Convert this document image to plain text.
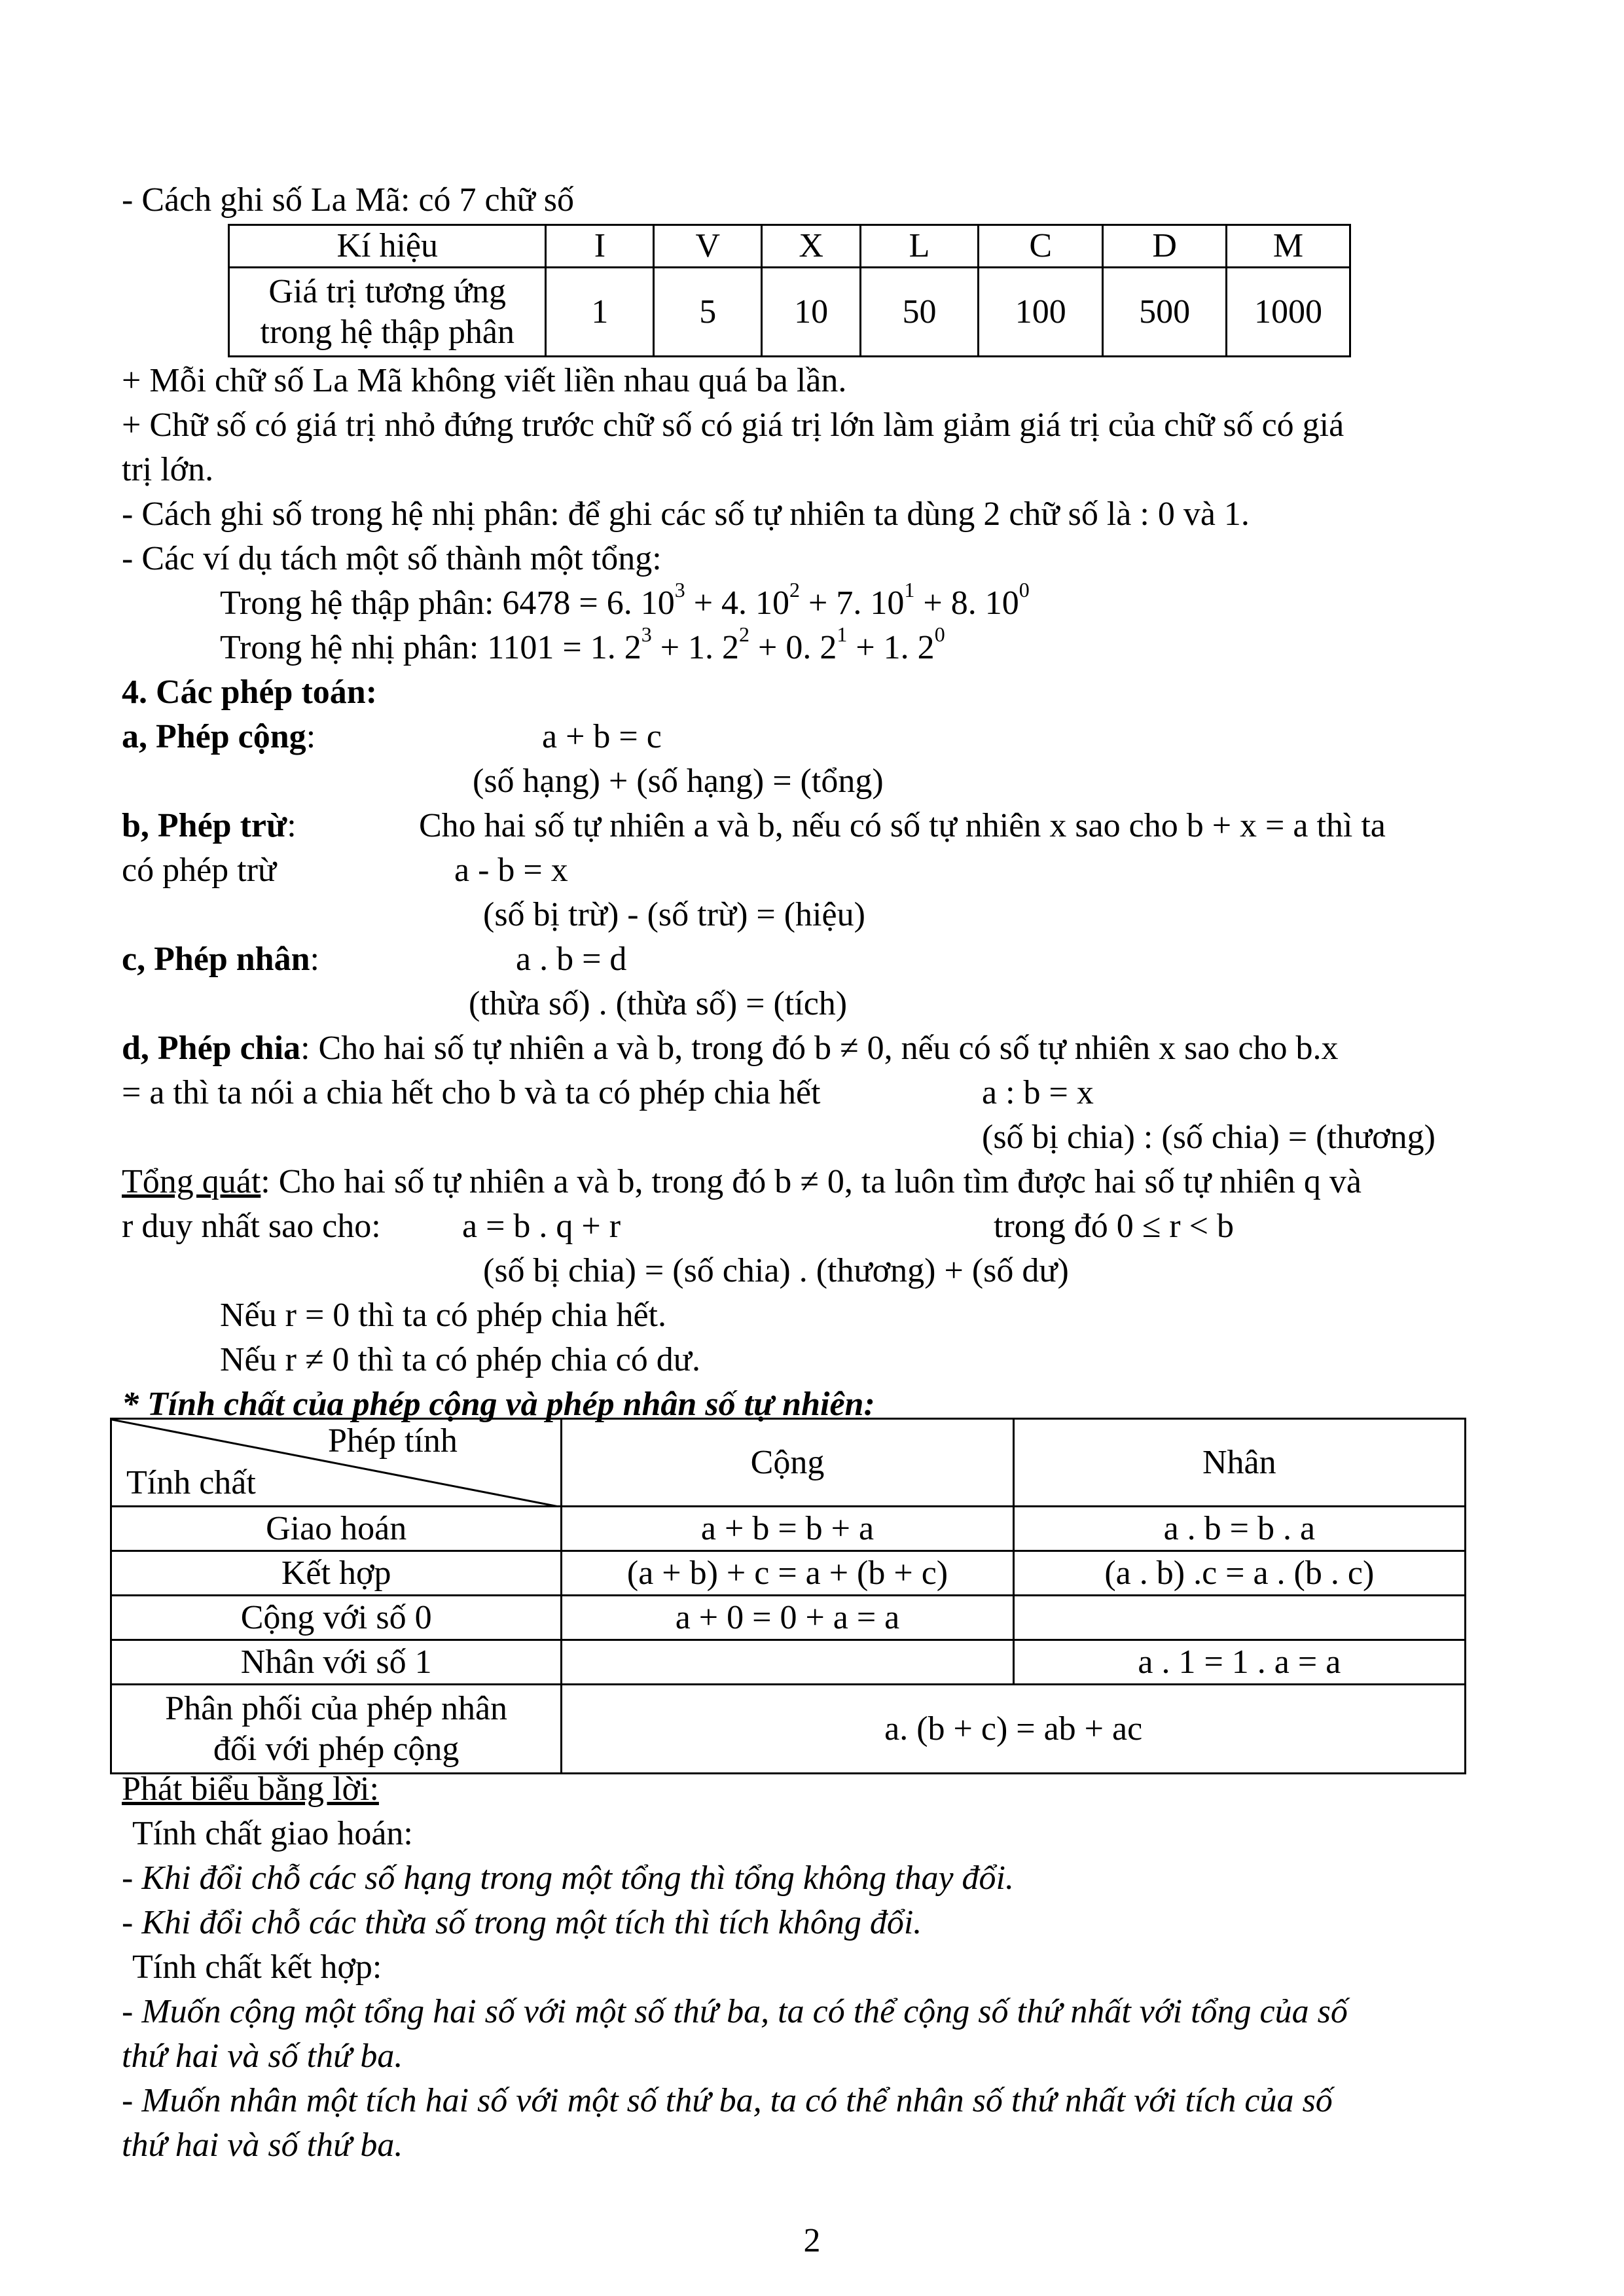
- Cách ghi số La Mã: có 7 chữ số
Kí hiệu	I	V	X	L	C	D	M

Giá trị tương ứng
trong hệ thập phân	1	5	10	50	100	500	1000
+ Mỗi chữ số La Mã không viết liền nhau quá ba lần.
+ Chữ số có giá trị nhỏ đứng trước chữ số có giá trị lớn làm giảm giá trị của chữ số có giá
trị lớn.
- Cách ghi số trong hệ nhị phân: để ghi các số tự nhiên ta dùng 2 chữ số là : 0 và 1.
- Các ví dụ tách một số thành một tổng:
Trong hệ thập phân: 6478 = 6. $10^3 + 4$. $10^2 + 7$. $10^1 + 8$. $10^0$
Trong hệ nhị phân: 1101 = 1. $2^3 + 1$. $2^2 + 0$. $2^1 + 1$. $2^0$
4. Các phép toán:
a, Phép cộng:	a + b = c
(số hạng) + (số hạng) = (tổng)
b, Phép trừ:	Cho hai số tự nhiên a và b, nếu có số tự nhiên x sao cho b + x = a thì ta
có phép trừ	a - b = x
(số bị trừ) - (số trừ) = (hiệu)
c, Phép nhân:	a . b = d
(thừa số) . (thừa số) = (tích)
d, Phép chia: Cho hai số tự nhiên a và b, trong đó b ≠ 0, nếu có số tự nhiên x sao cho b.x
= a thì ta nói a chia hết cho b và ta có phép chia hết	a : b = x
(số bị chia) : (số chia) = (thương)
Tổng quát: Cho hai số tự nhiên a và b, trong đó b ≠ 0, ta luôn tìm được hai số tự nhiên q và
r duy nhất sao cho: a = b . q + r	trong đó 0 ≤ r < b
(số bị chia) = (số chia) . (thương) + (số dư)
Nếu r = 0 thì ta có phép chia hết.
Nếu r ≠ 0 thì ta có phép chia có dư.
* Tính chất của phép cộng và phép nhân số tự nhiên:
Phép tính
Tính chất	Cộng	Nhân
Giao hoán	a + b = b + a	a . b = b . a
Kết hợp	(a + b) + c = a + (b + c)	(a . b) .c = a . (b . c)
Cộng với số 0	a + 0 = 0 + a = a	
Nhân với số 1		a . 1 = 1 . a = a

Phân phối của phép nhân
đối với phép cộng	a. (b + c) = ab + ac	
Phát biểu bằng lời:
Tính chất giao hoán:
- Khi đổi chỗ các số hạng trong một tổng thì tổng không thay đổi.
- Khi đổi chỗ các thừa số trong một tích thì tích không đổi.
Tính chất kết hợp:
- Muốn cộng một tổng hai số với một số thứ ba, ta có thể cộng số thứ nhất với tổng của số
thứ hai và số thứ ba.
- Muốn nhân một tích hai số với một số thứ ba, ta có thể nhân số thứ nhất với tích của số
thứ hai và số thứ ba.
2
